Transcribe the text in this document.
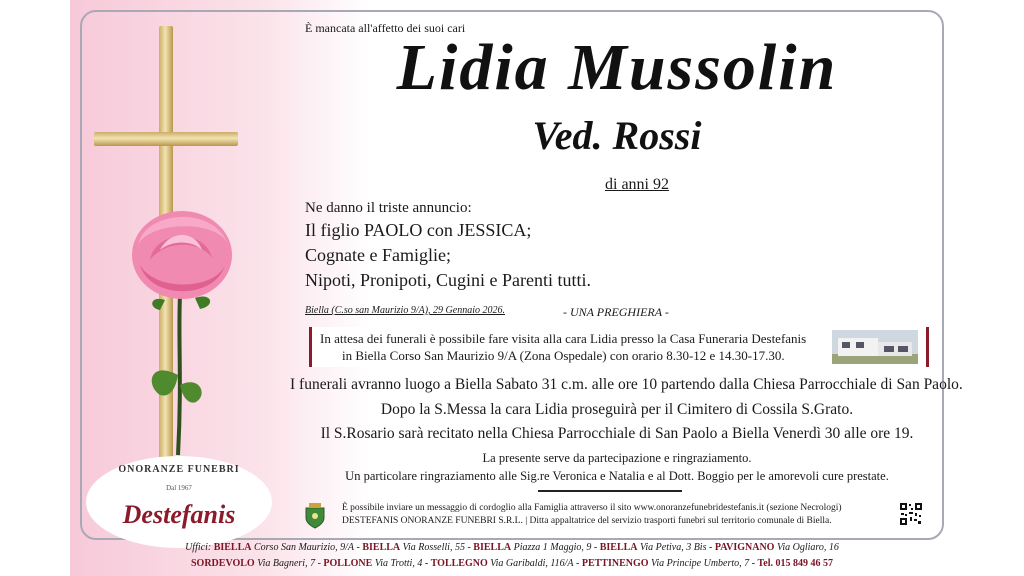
ONORANZE FUNEBRI
Dal 1967
Destefanis
È mancata all'affetto dei suoi cari
Lidia Mussolin
Ved. Rossi
di anni 92
Ne danno il triste annuncio:
Il figlio PAOLO con JESSICA;
Cognate e Famiglie;
Nipoti, Pronipoti, Cugini e Parenti tutti.
Biella (C.so san Maurizio 9/A), 29 Gennaio 2026.	- UNA PREGHIERA -
In attesa dei funerali è possibile fare visita alla cara Lidia presso la Casa Funeraria Destefanis
in Biella Corso San Maurizio 9/A (Zona Ospedale) con orario 8.30-12 e 14.30-17.30.
I funerali avranno luogo a Biella Sabato 31 c.m. alle ore 10 partendo dalla Chiesa Parrocchiale di San Paolo.
Dopo la S.Messa la cara Lidia proseguirà per il Cimitero di Cossila S.Grato.
Il S.Rosario sarà recitato nella Chiesa Parrocchiale di San Paolo a Biella Venerdì 30 alle ore 19.
La presente serve da partecipazione e ringraziamento.
Un particolare ringraziamento alle Sig.re Veronica e Natalia e al Dott. Boggio per le amorevoli cure prestate.
È possibile inviare un messaggio di cordoglio alla Famiglia attraverso il sito www.onoranzefunebridestefanis.it (sezione Necrologi)
DESTEFANIS ONORANZE FUNEBRI S.R.L. | Ditta appaltatrice del servizio trasporti funebri sul territorio comunale di Biella.
Uffici: BIELLA Corso San Maurizio, 9/A - BIELLA Via Rosselli, 55 - BIELLA Piazza 1 Maggio, 9 - BIELLA Via Petiva, 3 Bis - PAVIGNANO Via Ogliaro, 16
SORDEVOLO Via Bagneri, 7 - POLLONE Via Trotti, 4 - TOLLEGNO Via Garibaldi, 116/A - PETTINENGO Via Principe Umberto, 7 - Tel. 015 849 46 57
